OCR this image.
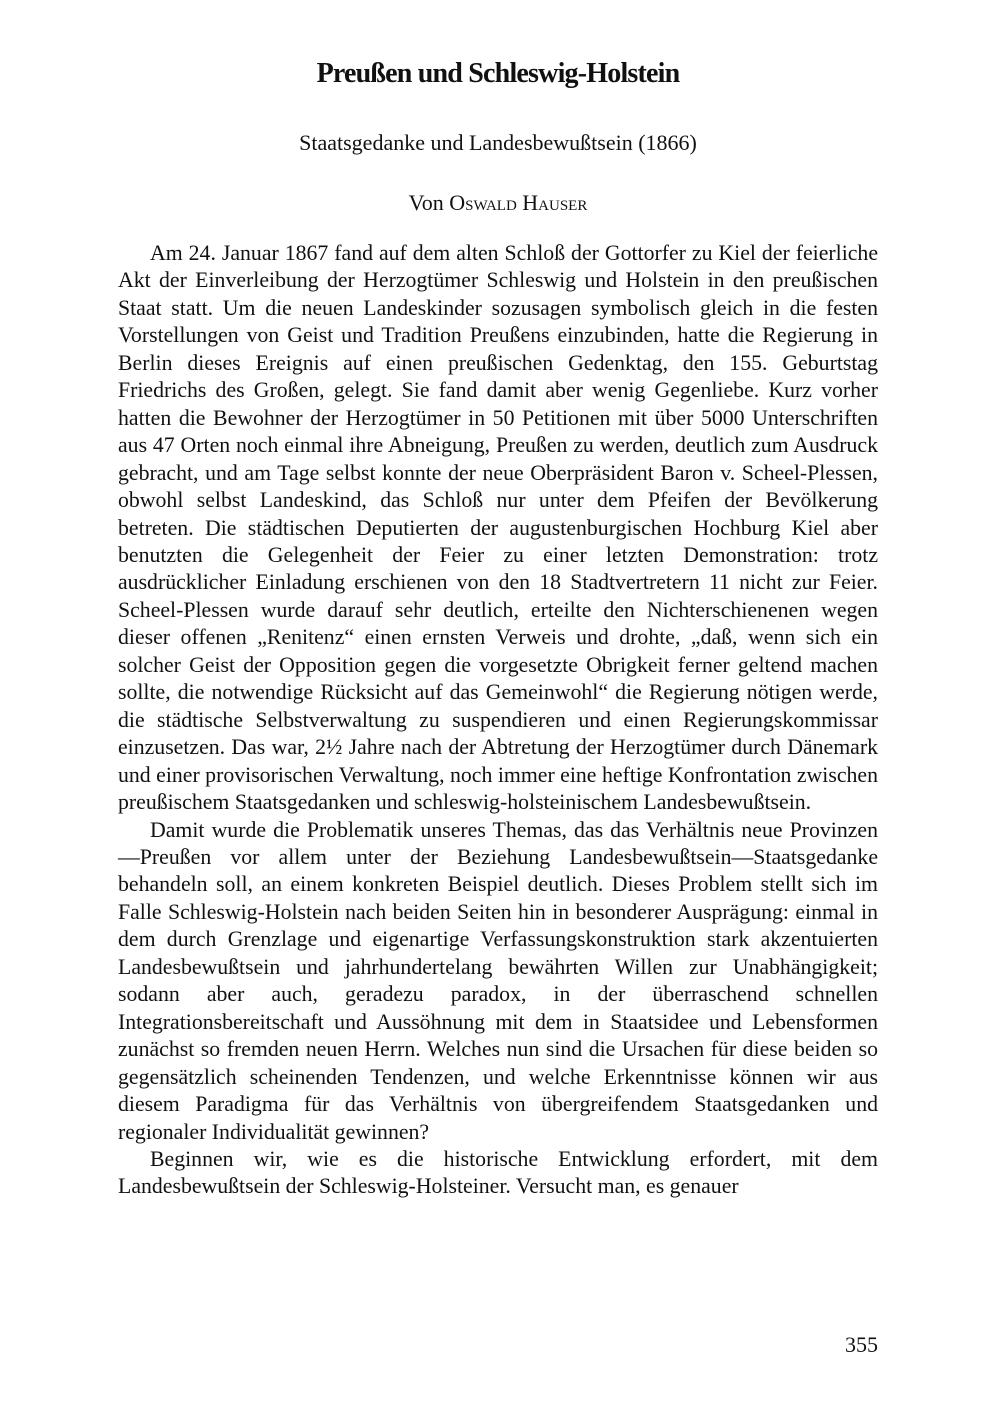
Preußen und Schleswig-Holstein
Staatsgedanke und Landesbewußtsein (1866)
Von Oswald Hauser

Am 24. Januar 1867 fand auf dem alten Schloß der Gottorfer zu Kiel der feierliche Akt der Einverleibung der Herzogtümer Schleswig und Holstein in den preußischen Staat statt. Um die neuen Landeskinder sozusagen symbolisch gleich in die festen Vorstellungen von Geist und Tradition Preußens einzubinden, hatte die Regierung in Berlin dieses Ereignis auf einen preußischen Gedenktag, den 155. Geburtstag Friedrichs des Großen, gelegt. Sie fand damit aber wenig Gegenliebe. Kurz vorher hatten die Bewohner der Herzogtümer in 50 Petitionen mit über 5000 Unterschriften aus 47 Orten noch einmal ihre Abneigung, Preußen zu werden, deutlich zum Ausdruck gebracht, und am Tage selbst konnte der neue Oberpräsident Baron v. Scheel-Plessen, obwohl selbst Landeskind, das Schloß nur unter dem Pfeifen der Bevölkerung betreten. Die städtischen Deputierten der augustenburgischen Hochburg Kiel aber benutzten die Gelegenheit der Feier zu einer letzten Demonstration: trotz ausdrücklicher Einladung erschienen von den 18 Stadtvertretern 11 nicht zur Feier. Scheel-Plessen wurde darauf sehr deutlich, erteilte den Nichterschienenen wegen dieser offenen „Renitenz“ einen ernsten Verweis und drohte, „daß, wenn sich ein solcher Geist der Opposition gegen die vorgesetzte Obrigkeit ferner geltend machen sollte, die notwendige Rücksicht auf das Gemeinwohl“ die Regierung nötigen werde, die städtische Selbstverwaltung zu suspendieren und einen Regierungskommissar einzusetzen. Das war, 2½ Jahre nach der Abtretung der Herzogtümer durch Dänemark und einer provisorischen Verwaltung, noch immer eine heftige Konfrontation zwischen preußischem Staatsgedanken und schleswig-holsteinischem Landesbewußtsein.

Damit wurde die Problematik unseres Themas, das das Verhältnis neue Provinzen—Preußen vor allem unter der Beziehung Landesbewußtsein—Staatsgedanke behandeln soll, an einem konkreten Beispiel deutlich. Dieses Problem stellt sich im Falle Schleswig-Holstein nach beiden Seiten hin in besonderer Ausprägung: einmal in dem durch Grenzlage und eigenartige Verfassungskonstruktion stark akzentuierten Landesbewußtsein und jahrhundertelang bewährten Willen zur Unabhängigkeit; sodann aber auch, geradezu paradox, in der überraschend schnellen Integrationsbereitschaft und Aussöhnung mit dem in Staatsidee und Lebensformen zunächst so fremden neuen Herrn. Welches nun sind die Ursachen für diese beiden so gegensätzlich scheinenden Tendenzen, und welche Erkenntnisse können wir aus diesem Paradigma für das Verhältnis von übergreifendem Staatsgedanken und regionaler Individualität gewinnen?

Beginnen wir, wie es die historische Entwicklung erfordert, mit dem Landesbewußtsein der Schleswig-Holsteiner. Versucht man, es genauer

355
